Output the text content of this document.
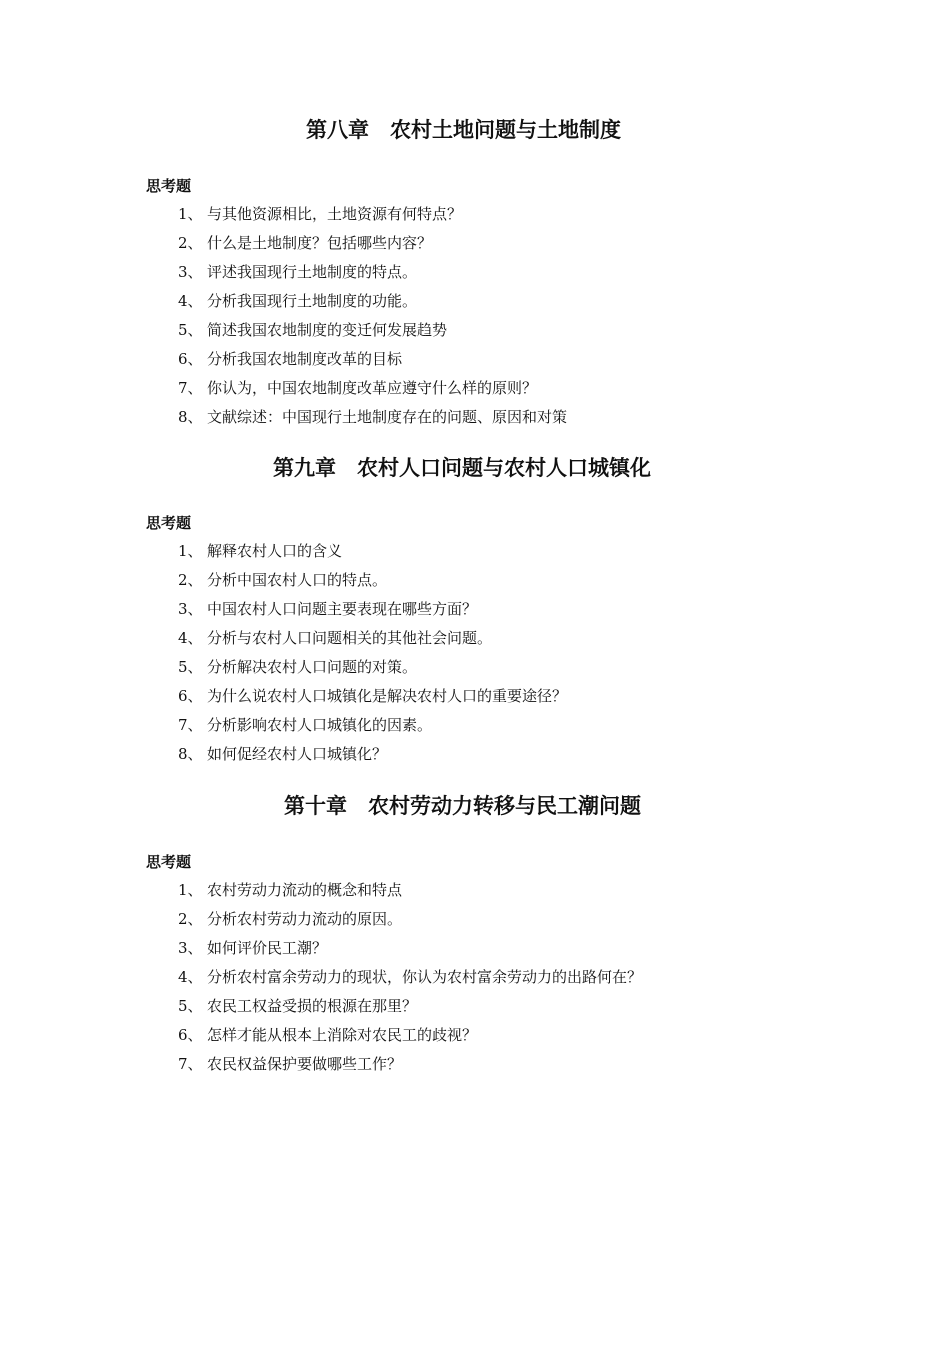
第八章　农村土地问题与土地制度
思考题
1、 与其他资源相比，土地资源有何特点？
2、 什么是土地制度？包括哪些内容？
3、 评述我国现行土地制度的特点。
4、 分析我国现行土地制度的功能。
5、 简述我国农地制度的变迁何发展趋势
6、 分析我国农地制度改革的目标
7、 你认为，中国农地制度改革应遵守什么样的原则？
8、 文献综述：中国现行土地制度存在的问题、原因和对策
第九章　农村人口问题与农村人口城镇化
思考题
1、 解释农村人口的含义
2、 分析中国农村人口的特点。
3、 中国农村人口问题主要表现在哪些方面？
4、 分析与农村人口问题相关的其他社会问题。
5、 分析解决农村人口问题的对策。
6、 为什么说农村人口城镇化是解决农村人口的重要途径？
7、 分析影响农村人口城镇化的因素。
8、 如何促经农村人口城镇化？
第十章　农村劳动力转移与民工潮问题
思考题
1、 农村劳动力流动的概念和特点
2、 分析农村劳动力流动的原因。
3、 如何评价民工潮？
4、 分析农村富余劳动力的现状，你认为农村富余劳动力的出路何在？
5、 农民工权益受损的根源在那里？
6、 怎样才能从根本上消除对农民工的歧视？
7、 农民权益保护要做哪些工作？
